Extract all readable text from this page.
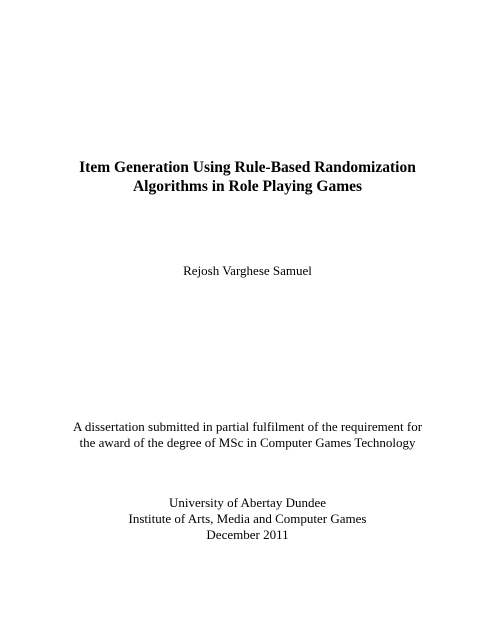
Item Generation Using Rule-Based Randomization
Algorithms in Role Playing Games
Rejosh Varghese Samuel
A dissertation submitted in partial fulfilment of the requirement for
the award of the degree of MSc in Computer Games Technology
University of Abertay Dundee
Institute of Arts, Media and Computer Games
December 2011
